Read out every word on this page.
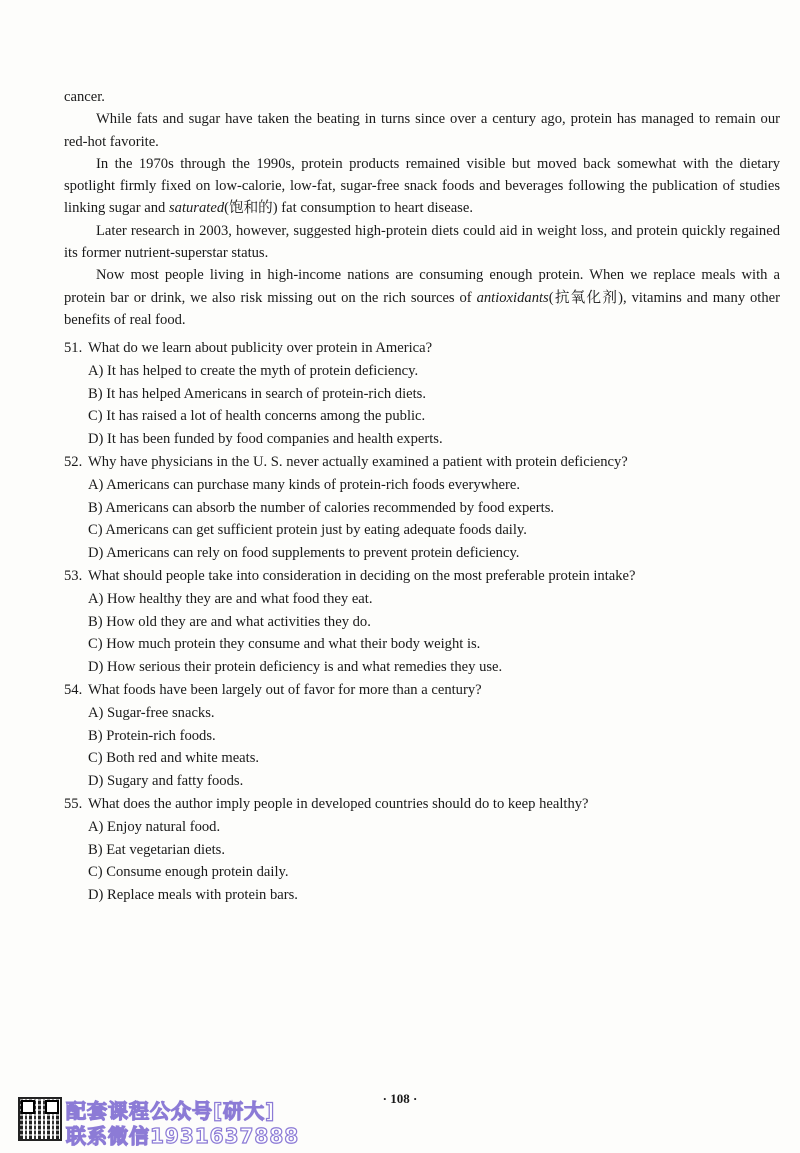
cancer.

While fats and sugar have taken the beating in turns since over a century ago, protein has managed to remain our red-hot favorite.

In the 1970s through the 1990s, protein products remained visible but moved back somewhat with the dietary spotlight firmly fixed on low-calorie, low-fat, sugar-free snack foods and beverages following the publication of studies linking sugar and saturated(饱和的) fat consumption to heart disease.

Later research in 2003, however, suggested high-protein diets could aid in weight loss, and protein quickly regained its former nutrient-superstar status.

Now most people living in high-income nations are consuming enough protein. When we replace meals with a protein bar or drink, we also risk missing out on the rich sources of antioxidants(抗氧化剂), vitamins and many other benefits of real food.

51. What do we learn about publicity over protein in America?

A) It has helped to create the myth of protein deficiency.

B) It has helped Americans in search of protein-rich diets.

C) It has raised a lot of health concerns among the public.

D) It has been funded by food companies and health experts.

52. Why have physicians in the U. S. never actually examined a patient with protein deficiency?

A) Americans can purchase many kinds of protein-rich foods everywhere.

B) Americans can absorb the number of calories recommended by food experts.

C) Americans can get sufficient protein just by eating adequate foods daily.

D) Americans can rely on food supplements to prevent protein deficiency.

53. What should people take into consideration in deciding on the most preferable protein intake?

A) How healthy they are and what food they eat.

B) How old they are and what activities they do.

C) How much protein they consume and what their body weight is.

D) How serious their protein deficiency is and what remedies they use.

54. What foods have been largely out of favor for more than a century?

A) Sugar-free snacks.

B) Protein-rich foods.

C) Both red and white meats.

D) Sugary and fatty foods.

55. What does the author imply people in developed countries should do to keep healthy?

A) Enjoy natural food.

B) Eat vegetarian diets.

C) Consume enough protein daily.

D) Replace meals with protein bars.

配套课程公众号[研大]
联系微信1931637888
· 108 ·
